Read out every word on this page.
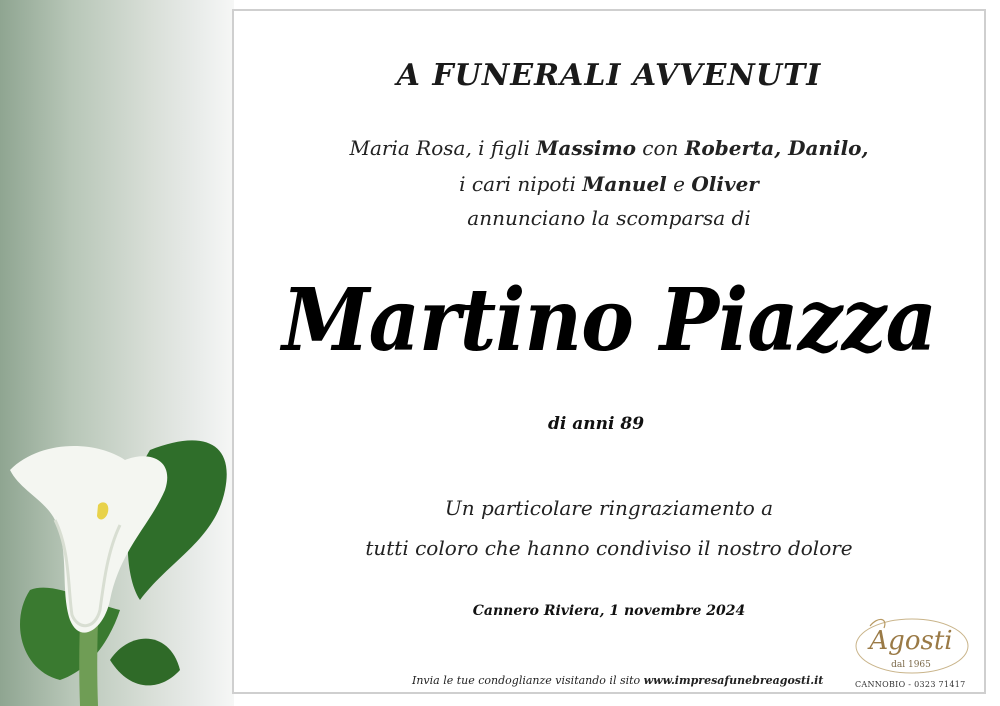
A FUNERALI AVVENUTI
Maria Rosa, i figli Massimo con Roberta, Danilo,
i cari nipoti Manuel e Oliver
annunciano la scomparsa di
Martino Piazza
di anni 89
Un particolare ringraziamento a
tutti coloro che hanno condiviso il nostro dolore
Cannero Riviera, 1 novembre 2024
Invia le tue condoglianze visitando il sito www.impresafunebreagosti.it
Agosti
dal 1965
CANNOBIO - 0323 71417
